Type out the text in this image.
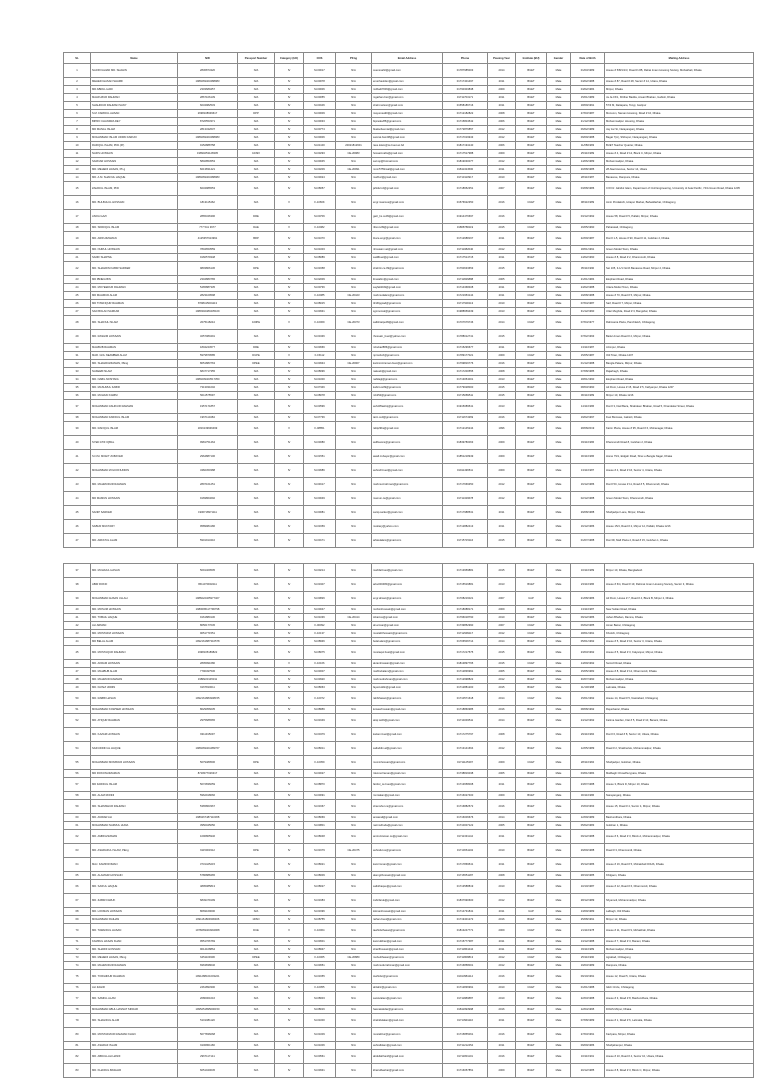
SL	Name	NID	Passport Number	Category (HX)	COS	Pfrng	Email Address	Phone	Passing Year	Institute (BU)	Gender	Date of Birth	Mailing Address
1	NAJIR FAHIAD MD. SHAHIN	2836874320	N/A	IV	M-00017	N/A	ceensnahil@gmail.com	01787985003	2014	BUET	Male	01/03/1989	House # 5/B/1/1/3, Road # 2/B, Rahat Imam Housing Society, Mohakhali, Dhaka
2	MEHEDI HASAN SHARIF	1989269403488983	N/A	IV	M-00078	N/A	emerhaulden@gmail.com	01717401497	2011	BUET	Male	04/02/1988	House # 87, Road # 28, Sector # 14, Uttara, Dhaka
3	MD ABDUL HADI	2303689457	N/A	IV	M-00006	N/A	mdhadi7009@gmail.com	01790303838	2009	BUET	Male	04/02/1984	Mirpur, Dhaka
4	MAHFUZUR RAHMAN	2867106139	N/A	IV	M-00055	N/A	mgathan.bsc@gmail.com	01711703171	2011	BUET	Male	15/01/1989	Ja Ja 15/1, Khilber Badda, Ansari Bhaban, Gabtoli, Dhaka
5	SHAHIDUR RAHMAN SANY	6034982533	N/A	IV	M-00106	N/A	shahi.nelson@gmail.com	01558186716	2011	BUET	Male	18/09/1991	57/3 M, Dattapara, Tongi, Gazipur
6	S.M. FARIDUL AHSAN	2698108939617	DPP	IV	M-00009	N/A	mayumea90@gmail.com	01712182822	2008	BUET	Male	27/03/1987	Monoom, Naman Housing, Road # 10, Dhaka
7	BIPRO CHANDRA DEY	8726553371	N/A	IV	M-00033	N/A	bipradev85@gmail.com	01715804542	2006	BUET	Male	21/12/1986	Mohammadpur Housing, Dhaka
8	MD MANAL ISLAM	2813432637	N/A	IV	M-00774	N/A	bkaloofuemiat@gmail.com	01772876857	2012	BUET	Male	06/02/1989	Jay Jar St, Narayanganj, Dhaka
9	MOHAMMAD ISLAM UDDIN FARUKI	1989269403488983	N/A	IV	M-00006	N/A	samrat.bsm08@gmail.com	01717019943	2012	BUET	Male	09/09/1988	Bagat 7(A), Shibupur, Narayanganj, Dhaka
10	RAFIQUL ISLAM, PhD.(Pr)	9152888758	N/A	IV	M-01100	20021812601	rass.islam@ce.buet.ac.bd	01817194140	2006	BUET	Male	11/08/1983	BUET Teacher Quarter, Dhaka
11	NAFIS HOSSAIN	19890253128305	1039X	IV	M-03293	CE-20983	hossainnafis@gmail.com	01717517988	2009	BUET	Male	25/11/1989	House # 4, Road # 12, Block C, Mirpur, Dhaka
12	SAROAR HOSSAIN	5802854553	N/A	IV	M-00045	N/A	sari.sp@hotmail.com	01819030077	2012	BUET	Male	14/06/1989	Mohammadpur, Dhaka
13	MD. MEHEDI HASAN, Ph.g	8213831421	N/A	IV	M-03209	CE-20991	mnm5759mail@gmail.com	01811324500	2011	BUET	Male	20/08/1985	28 Alaol Avenue, Sector 14, Uttara
14	MD. A.M. SHAFIUL HAQUE	1989269403488983	N/A	IV	M-03024	N/A	mahfuz@gmail.com	01713110917	2010	BUET	Male	28/11/1987	Banasree, Rampura, Dhaka
15	ZAHIDUL ISLAM, PhD	8234986553	N/A	IV	M-08057	N/A	jahidul.icl@gmail.com	01718652351	2007	BUET	Male	03/08/1986	C/O Dr. Jahidul Islam, Department of Civil Engineering, University of Asia Pacific, 74/A Green Road, Dhaka 1205
16	MD. BULBULUL HOSSAIN	1813115462	N/A	V	F-1066K	N/A	engr.masmus@gmail.com	01576622350	2016	CUET	Male	08/11/1989	Amin Prodakshi, Hirapur Market, Bahaddarhat, Chittagong
17	ASFIA GAZI	2865346396	DRE	IV	M-00706	N/A	gazi_bs.ce09@gmail.com	01914476697	2016	BUET	Male	03/12/1992	House 58, Road # 5, Pallabi, Mirpur, Dhaka
18	MD. SIDDIQUL ISLAM	777 541 3677	DAE	V	F-10082	N/A	rifat.cu09@gmail.com	01868786119	2015	CUET	Male	16/05/1990	Paharatali, Chittagong
19	MD. ARIFUZZAMAN	4125357913991	BRP	IV	M-01070	N/A	ittuce.engr@gmail.com	01712688167	2011	BUET	Male	22/09/1987	Flat # 1-5, House # 90, Road # 11, Gulshan 2, Dhaka
20	MD. NURUL HOSSAIN	7804653559	N/A	IV	M-01003	N/A	nhossain.vet@gmail.com	01711082040	2012	BUET	Male	18/01/1991	Green Model Town, Dhaka
21	SADIF SHAPNIL	9160579348	N/A	IV	M-08089	N/A	sadifbuet@gmail.com	01717514715	2011	BUET	Male	14/02/1990	House # 8, Road # 2, Dhanmondi, Dhaka
22	MD. SHAHRIN KABIR SARKER	9803806136	DPE	IV	M-01658	N/A	shahrin.ce.09@gmail.com	01760633653	2015	BUET	Male	05/11/1990	Set 105, 3-1/1 North Banasree Road, Mirpur 2, Dhaka
23	MD IBNEIA BIN	2304880765	N/A	IV	M-02009	N/A	ibneiabin@gmail.com	01711826888	2005	BUET	Male	21/01/1984	Elephant Road, Dhaka
24	MD. MOYEEDUR RAHMAN	5465887335	N/A	IV	M-00736	N/A	sayfal4049@gmail.com	01714368408	2011	BUET	Male	24/02/1988	Uttara Model Town, Dhaka
25	MD MAHMUD ALAM	2823109598	N/A	IV	F-10085	CE-20423	mahmudalam@gmail.com	01721953144	2011	CUET	Male	19/08/1988	House # 70, Road # 5, Mirpur, Dhaka
26	MD TOWFIQUR RAHMAN	8798415001113	N/A	IV	M-08015	N/A	tfcd6pgcad@gmail.com	01717930113	2010	BUET	Male	07/04/1987	Saif, Road # 7, Mirpur, Dhaka
27	SAD BOLAN SARKAR	1989302480435109	N/A	IV	M-03931	N/A	sgcmomal@gmail.com	01988659439	2013	BUET	Male	31/12/1990	Uttar Mughda, Road # 3, Bangshal, Dhaka
28	MD. SHAFIUL ISLAM	2075118244	100PE	V	F-10069	CE-20373	saifshiatpe09@gmail.com	01707679746	2014	CUET	Male	07/04/1977	Rahmania Plaza, Panchlaish, Chittagong
29	MD. RASHIM HOSSAIN	3257080491	N/A	IV	M-03436	N/A	rhossain_buet@yahoo.com	01788012741	2015	BUET	Male	07/02/1993	Baitul Aman Road # 2, Mirpur, Dhaka
30	MAHBUB RAHMAN	1804244577	DRE	IV	M-03666	N/A	mbuba2886@gmail.com	01715296677	2011	BUET	Male	13/11/1987	Azimpur, Dhaka
31	MAR. GOL NEAMBER ALLM	5979879585	DUPE	V	F-15112	N/A	nprosbuh@gmail.com	01789177021	2009	CUET	Male	15/05/1987	Old Town, Dhaka 1207
32	MD. SHAHRUZZAMAN, PEng	8051883763	DPEE	IV	M-03934	CE-20907	karimrozzaman.buet@gmail.com	01799816776	2016	BUET	Male	01/12/1988	Bangla Palace, Mirpur, Dhaka
33	NAKEEB ISLAM	6847717355	N/A	IV	M-08096	N/A	nakeeb@gmail.com	01717200555	2008	BUET	Male	07/08/1985	Rajarbagh, Dhaka
34	MD. NABIL MOSTAFA	1989209403517350	N/A	IV	M-01000	N/A	nabilagl@gmail.com	01713054001	2013	BUET	Male	18/01/1990	Elephant Road, Dhaka
35	MD. MASUMUL KABIR	7313031002	N/A	IV	M-07346	N/A	kabirt.ce09@gmail.com	01779028000	2015	BUET	Male	08/03/1990	Ad Floor, House # 15, Road # 5, Kallyanpur, Dhaka 1207
36	MD. MUHAIN KARIM	5011575597	N/A	IV	M-08078	N/A	mb25d@gmail.com	01715089511	2015	BUET	Male	06/11/1989	Mirpur 10, Dhaka 1216
37	MOHAMMAD ASHIKUR RAHMAN	1957171857	N/A	IV	M-03596	N/A	ash405ashiq@gmail.com	01915089541	2013	BUET	Male	14/11/1986	Flat # 3, Dad Baza, Shabdeen Bhaban, Road 5, Khandekar Street, Dhaka
38	MOHAMMAD FARIDUL ISLAM	1967110484	N/A	IV	M-07736	N/A	tarin.ce0@gmail.com	01711674369	2016	BUET	Male	19/02/1997	Fuel Biomass, Gabtoli, Dhaka
39	MD. RAFIQUL ISLAM	1816139936499	N/A	V	F-08851	N/A	rafiq29bs@gmail.com	01712145244	1996	BUET	Male	28/08/2019	Karim Plaza, House # 95, Road # 6, Mohanagar, Dhaka
40	SYED ATIF IQBAL	9981751464	N/A	IV	M-03080	N/A	asifbuetce@gmail.com	01839780063	2009	BUET	Male	03/11/1986	Dhanmondi Road 8, Gulshan 2, Dhaka
41	S.N.M. MOHIT ZUBAYER	2964887106	N/A	IV	M-01551	N/A	awafi.zubayer@gmail.com	01851218949	2009	BUET	Male	30/11/1986	Home 79/1, Eidgah Road, Sher-e-Bangla Nagar, Dhaka
42	MOHAMMAD ZOLKOFIUDDIN	4382450388	N/A	IV	M-03686	N/A	ashrafz.buet@gmail.com	01911496511	2009	BUET	Male	13/11/1987	House # 4, Road # 16, Sector 4, Uttara, Dhaka
43	MD. MAHMUDUR RAHMAN	2897161251	N/A	IV	M-04617	N/A	mahmud.rahman@gmail.com	01717669350	2012	BUET	Male	16/12/1986	Flat # 5C, House # 11, Road # 5, Dhanmondi, Dhaka
44	MD MAMUN HOSSAIN	9169864692	N/A	IV	M-00049	N/A	mamun.ce@gmail.com	01711329678	2012	BUET	Male	02/12/1988	Green Model Town, Dhanmondi, Dhaka
45	SANIP SARKER	1906718971111	N/A	IV	M-00081	N/A	sanip.sarker@gmail.com	01717988531	2011	BUET	Male	29/08/1988	Shahjadpur Lane, Mirpur, Dhaka
46	SABUR MUKTARY	9589984186	N/A	IV	M-01659	N/A	muktary@yahoo.com	01712882413	2011	BUET	Male	16/12/1986	House 15/4, Road # 2, Mirpur 12, Pallabi, Dhaka 1216
47	MD. ARFATUL ALAM	5901913410	N/A	IV	M-00171	N/A	arfatulalam@gmail.com	01715715116	2015	BUET	Male	01/07/1988	Flat 3D, Mafi Plaza 2, Road # 15, Gulshan 1, Dhaka
37	MD. MUHAIUL HASAN	5091409505	N/A	IV	M-00214	N/A	mahifal.buet@gmail.com	01713959881	2015	BUET	Male	16/11/1989	Mirpur 10, Dhaka, Bangladesh
38	ABIR ROKIF	9511070002111	N/A	IV	M-01907	N/A	arku000480@gmail.com	01715516881	2013	BUET	Male	23/11/1986	House # 6/4, Road # 19, Rahmat Imam Housing Society, Sector 3, Dhaka
39	MOHAMMAD AHSAN ULLAH	1988222465977407	N/A	IV	M-03826	N/A	engr.ahsan@gmail.com	01708216021	2007	UAP	Male	21/08/1986	Ad Floor, House # 7, Road # 4, Block B, Mirpur 2, Dhaka
40	MD. MOSUM HOSSAIN	1980095117796798	N/A	IV	M-00047	N/A	mohsinhossain@gmail.com	01718088171	2009	BUET	Male	13/11/1987	New Sultan Road, Dhaka
41	MD. TOBAIL HAQUE	9161880130	N/A	IV	M-01036	CE-20414	tobail.ce@gmail.com	01796018790	2010	BUET	Male	09/12/1986	Jahan Bhaban, Ramna, Dhaka
42	ALI ARMAN	8056177045	N/A	IV	F-00092	N/A	ali.arman@gmail.com	01739852990	2007	CUET	Male	06/02/1985	Aman Bazar, Chittagong
43	MD. MOSTAFIZ HOSSAIN	9051771551	N/A	IV	F-10137	N/A	mustafizhossain@gmail.com	01712999117	2012	CUET	Male	18/01/1991	Khulshi, Chittagong
44	MD BELAL ALAM	1992161887310578	N/A	IV	M-08936	N/A	belal.alam@gmail.com	01706506714	2014	BUET	Male	05/01/1992	House # 5, Road # 10, Sector 3, Uttara, Dhaka
45	MD. MOSTAQUR RAHMAN	1998105189822	N/A	IV	M-08075	N/A	mostaqur.buet@gmail.com	01717217575	2015	BUET	Male	23/03/1992	House # 5, Road # 3, Kalyanpur, Mirpur, Dhaka
46	MD. AKRAM HOSSAIN	2805991680	N/A	V	F-10166	N/A	akramhossain@gmail.com	01813897765	2015	CUET	Male	14/09/1992	Suimzil Road, Dhaka
47	MD. MAHBUB ALAM	7790497536	N/A	IV	M-03007	N/A	mahbubalam@gmail.com	01712836991	2005	BUET	Male	15/05/1982	House # 8, Road # 12, Dhanmondi, Dhaka
48	MD. MAHMUD RAHMAN	1988223145311	N/A	IV	M-03920	N/A	mahmudrahman@gmail.com	01712998822	2012	BUET	Male	30/07/1990	Mohammadpur, Dhaka
49	MD. FAYEZ UDDIN	9167810011	N/A	IV	M-08063	N/A	fayezuddin@gmail.com	01712881200	2015	BUET	Male	11/10/1988	Lalmatia, Dhaka
50	MD. RABBI HASAN	1992161884908155	N/A	IV	F-10072	N/A	rabbihasan@gmail.com	01710571618	2014	CUET	Male	15/01/1992	House 14, Road # 5, Nasirabad, Chittagong
51	MOHAMMAD KOWSER HOSSAIN	8029056035	N/A	IV	M-08956	N/A	kowserhossain@gmail.com	01718860985	2016	BUET	Male	08/08/1992	Rayerbazar, Dhaka
52	MD. ATIQUR RAHMAN	2975686565	N/A	IV	M-01649	N/A	atiqr.ce09@gmail.com	01714693511	2014	BUET	Male	24/12/1992	Fatima Garden, Flat # 5, Road # 10, Banani, Dhaka
53	MD. KAZAM HOSSAIN	9311915097	N/A	IV	M-00479	N/A	kazam.buet@gmail.com	01717275797	2008	BUET	Male	29/11/1984	Flat # 6, Road # 8, Sector 13, Uttara, Dhaka
54	SAIFUDDIN AL HAQUE	1989269404489767	N/A	IV	M-08011	N/A	saifuddin.al@gmail.com	01713141664	2012	BUET	Male	12/05/1989	Road # 2, Shekhertek, Mohammadpur, Dhaka
55	MOHAMMAD MOMINUR HOSSAIN	5079489506	DPE	IV	F-10059	N/A	mominhossain@gmail.com	01711125397	2009	CUET	Male	28/11/1984	Shahjadpur, Gulshan, Dhaka
56	MD ROKONUZZAMAN	8718077026317	N/A	IV	M-03027	N/A	rokonuzzaman@gmail.com	01738816038	2005	BUET	Male	03/01/1984	Malibagh Chowdhurypara, Dhaka
57	MD FARIDUL ISLAM	5072836059	N/A	IV	M-08870	N/A	faridul_ce.buet@gmail.com	01713658008	2011	BUET	Male	23/07/1988	House 3, Block D, Mirpur 10, Dhaka
58	MD. ALAM RONNI	5962918066	N/A	IV	M-00091	N/A	ronnialam@gmail.com	01716027400	2009	BUET	Male	30/11/1986	Narayanganj, Dhaka
59	MD. SHAMSHUR RAHMAN	5365863367	N/A	IV	M-01667	N/A	shamshur.ce@gmail.com	01716882572	2016	BUET	Male	15/03/1993	House 15, Road # 4, Sector 4, Mirpur, Dhaka
60	MD. ANWAR ALI	1989267487110368	N/A	IV	M-08069	N/A	anwarali@gmail.com	01716006676	2014	BUET	Male	12/09/1989	Bashundhara, Dhaka
61	MOHAMMAD NAZMUL HUDA	3950045050	N/A	IV	M-03801	N/A	nazmulhuda@gmail.com	01710007122	2005	BUET	Male	05/02/1983	Gulshan 1, Dhaka
62	MD. AMIRUZZAMAN	1096805946	N/A	IV	M-08048	N/A	amiruzzaman.ce@gmail.com	01711331144	2011	BUET	Male	09/12/1988	House # 6, Road # 3, Block A, Mohammadpur, Dhaka
63	MD. ASHRAFUL ISLAM, PEng	9115003312	DPE	IV	M-01679	CE-20475	ashraful.ce@gmail.com	01713661102	2010	BUET	Male	29/09/1988	Road # 3, Dhanmondi, Dhaka
64	MAJ. KAMR ROMAN	3731425215	N/A	IV	M-08021	N/A	kamrroman@gmail.com	01717869541	2011	BUET	Male	25/12/1986	House # 16, Road # 5, Mohakhali DOHS, Dhaka
65	MD. ALAMGIR HOSSAIN	5786888465	N/A	IV	M-08009	N/A	alamgirhossain@gmail.com	01716551187	2008	BUET	Male	28/10/1985	Khilgaon, Dhaka
66	MD. SAIFUL HAQUE	4895085813	N/A	IV	M-08027	N/A	saifulhaque@gmail.com	01713588819	2010	BUET	Male	10/10/1987	House # 12, Road # 6, Dhanmondi, Dhaka
67	MD. ZABIR FARUK	6849479199	N/A	IV	M-01683	N/A	zabirfaruk@gmail.com	01837990600	2012	BUET	Male	28/12/1989	Shyamoli, Mohammadpur, Dhaka
68	MD. LOKMAN HOSSAIN	8069169000	N/A	IV	M-01696	N/A	lokmanhossain@gmail.com	01714731841	2011	UAP	Male	13/09/1989	Lalbagh, Old Dhaka
69	MOHAMMAD RAIHAN	1991161809306466	1DSO	IV	M-08755	N/A	raihan.buet@gmail.com	01719401272	2016	BUET	Male	25/08/1991	Mirpur 12, Dhaka
70	MD. TAWHIDUL HASAN	1978269404994968	DUE	V	F-10064	N/A	tawhidulhasan@gmail.com	01813247771	2009	CUET	Male	21/11/1978	House # 11, Road # 9, Mohakhali, Dhaka
71	KAMRUL HASAN KHAN	9551766769	N/A	IV	M-03601	N/A	kamrulkhan@gmail.com	01715777387	2011	BUET	Male	13/12/1988	House # 7, Road # 3, Banani, Dhaka
72	MD. SHARIF HOSSAIN	9014108864	N/A	IV	M-08937	N/A	sharifhossain@gmail.com	01711864444	2011	BUET	Male	03/11/1989	Mohammadpur, Dhaka
73	MD. MEHEDI HASAN, PEng	6451109306	DPEE	IV	F-10065	CE-20880	mehedihasan@gmail.com	01711808813	2012	CUET	Male	25/11/1990	Agrabad, Chittagong
74	MD. MAHMUDUR RAHMAN	6963838046	N/A	IV	M-03651	N/A	mahmudurrahman@gmail.com	01716858001	2012	BUET	Male	19/03/1989	Rampura, Dhaka
75	MD. TOWHIDUR RAHMAN	1991288101003221	N/A	IV	M-01655	N/A	towhidur@gmail.com	01913981114	2016	BUET	Male	09/10/1991	House 12, Road 5, Uttara, Dhaka
76	ALI ZAHIR	2461893300	N/A	IV	F-10055	N/A	alizahir@gmail.com	01712836991	2010	CUET	Male	01/01/1988	GEC Circle, Chittagong
77	MD. SAMIUL ALAM	2080001016	N/A	IV	M-08003	N/A	samiulalam@gmail.com	01711880887	2010	BUET	Male	22/03/1988	House # 3, Road # 8, Bashundhara, Dhaka
78	MOHAMMAD ABUL HASNAT SIKDAR	1995251895000150	N/A	IV	M-08016	N/A	hasnatsikdar@gmail.com	01811993998	2016	BUET	Male	12/04/1995	DOHS Mirpur, Dhaka
79	MD. SHAHIDUL ALAM	5101081120	N/A	IV	M-01000	N/A	shahidulalam@gmail.com	01713991116	2011	BUET	Male	07/08/1989	House # 1, Road # 6, Lalmatia, Dhaka
80	MD. MOSTAFIZUR RAHMAN KHAN	5077836068	N/A	IV	M-01009	N/A	mostafizur@gmail.com	01715855061	2016	BUET	Male	27/03/1991	Kazipara, Mirpur, Dhaka
81	MD. ASHRAF ISLAM	9100801166	N/A	IV	M-01006	N/A	ashrafislam@gmail.com	01711212454	2011	BUET	Male	09/09/1986	Shahjahanpur, Dhaka
82	MD. ABDULLAH HANIF	2967117141	N/A	IV	M-00561	N/A	abdullahhanif@gmail.com	01711801101	2016	BUET	Male	16/11/1991	House # 10, Road # 4, Sector 10, Uttara, Dhaka
83	MD. KHAIRUL BASHAR	6051040045	N/A	IV	M-03931	N/A	khairulbashar@gmail.com	01716057851	2009	BUET	Male	20/12/1985	House # 8, Road # 3, Block C, Mirpur, Dhaka
